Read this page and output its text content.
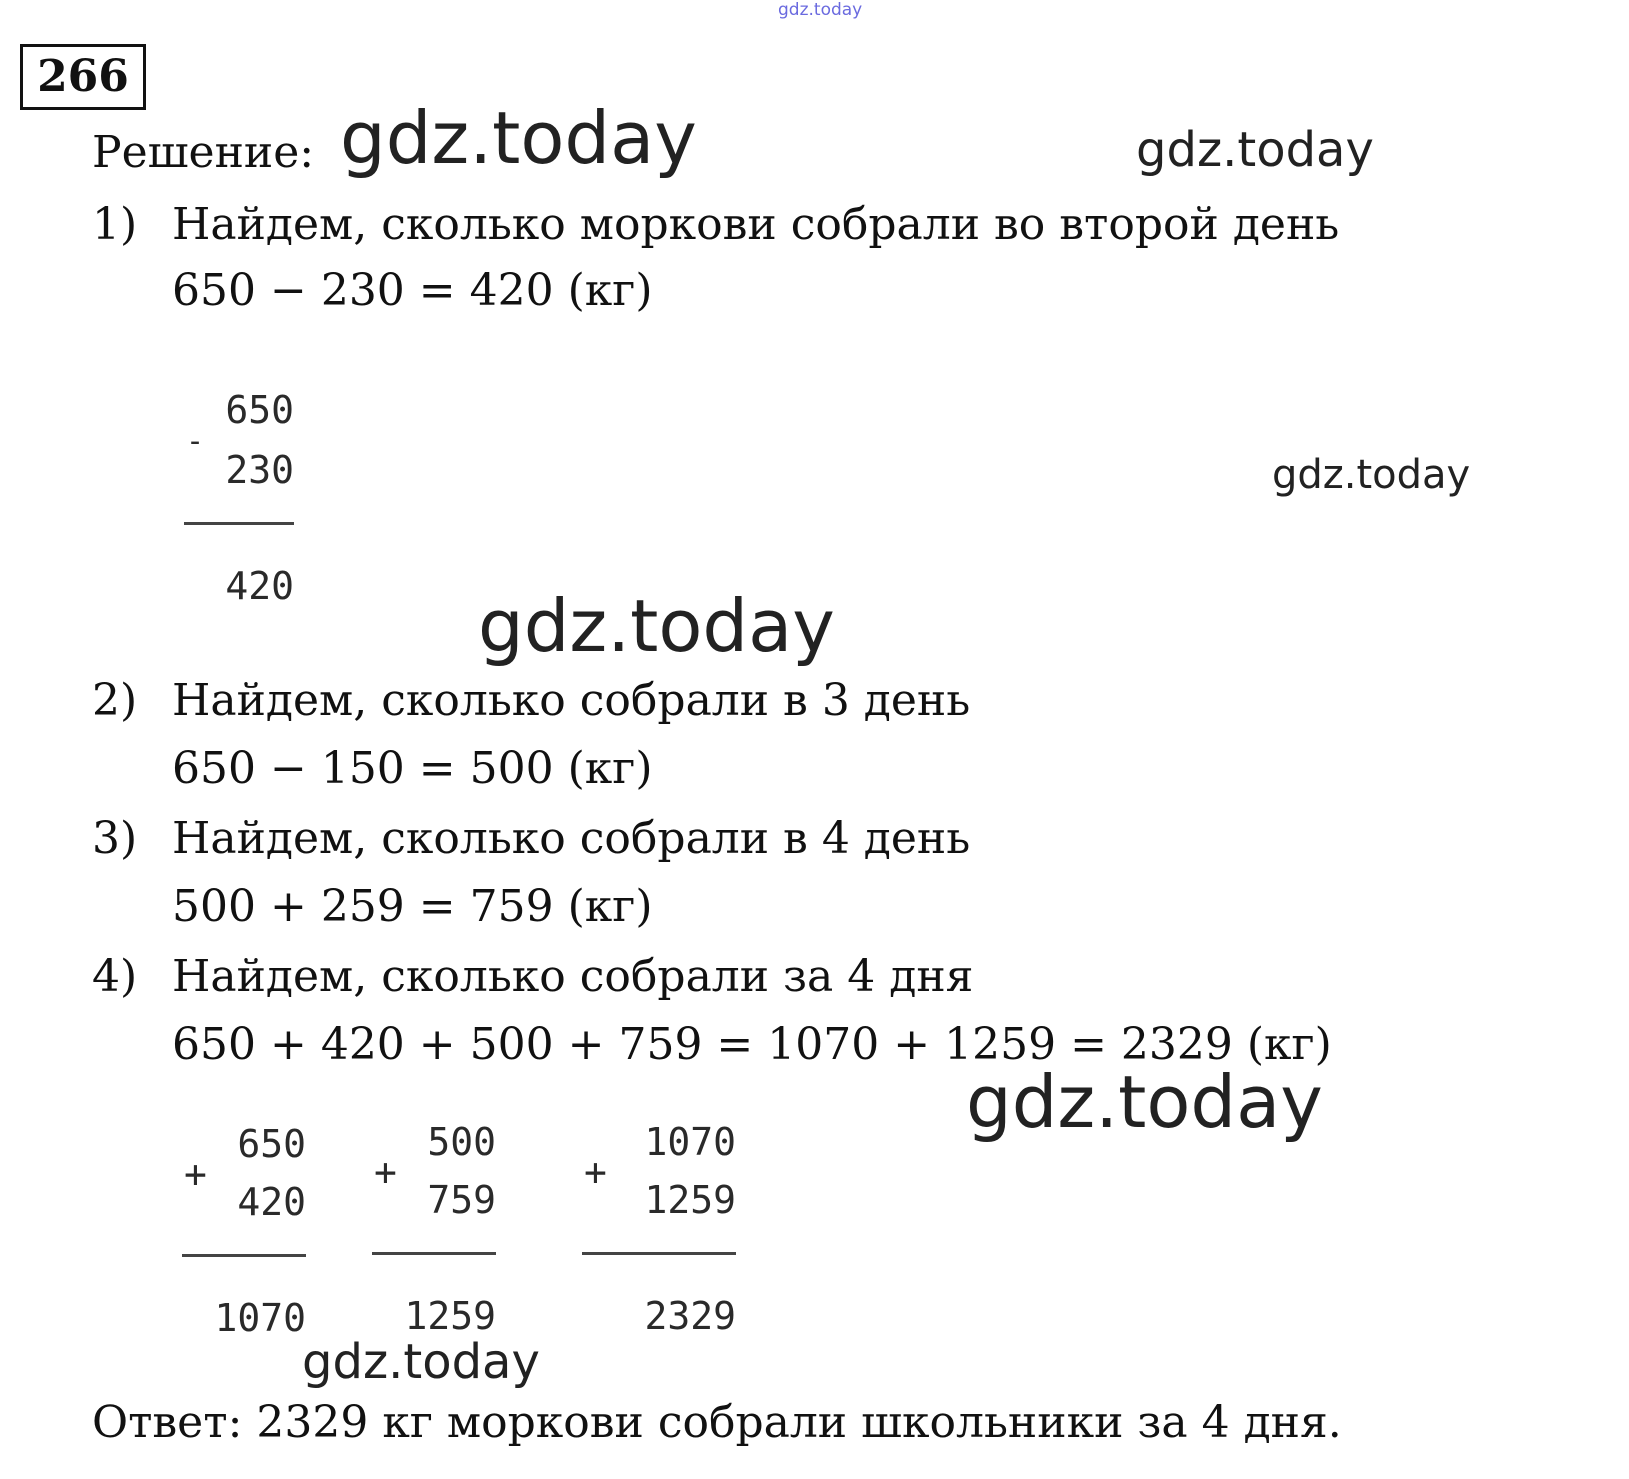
266
gdz.today
Решение: gdz.today	gdz.today
1) Найдем, сколько моркови собрали во второй день
650 − 230 = 420 (кг)
-
650
230
420
gdz.today
gdz.today
2) Найдем, сколько собрали в 3 день
650 − 150 = 500 (кг)
3) Найдем, сколько собрали в 4 день
500 + 259 = 759 (кг)
4) Найдем, сколько собрали за 4 дня
650 + 420 + 500 + 759 = 1070 + 1259 = 2329 (кг)
gdz.today
+
650
420
1070
+
500
759
1259
+
1070
1259
2329
gdz.today
Ответ: 2329 кг моркови собрали школьники за 4 дня.
